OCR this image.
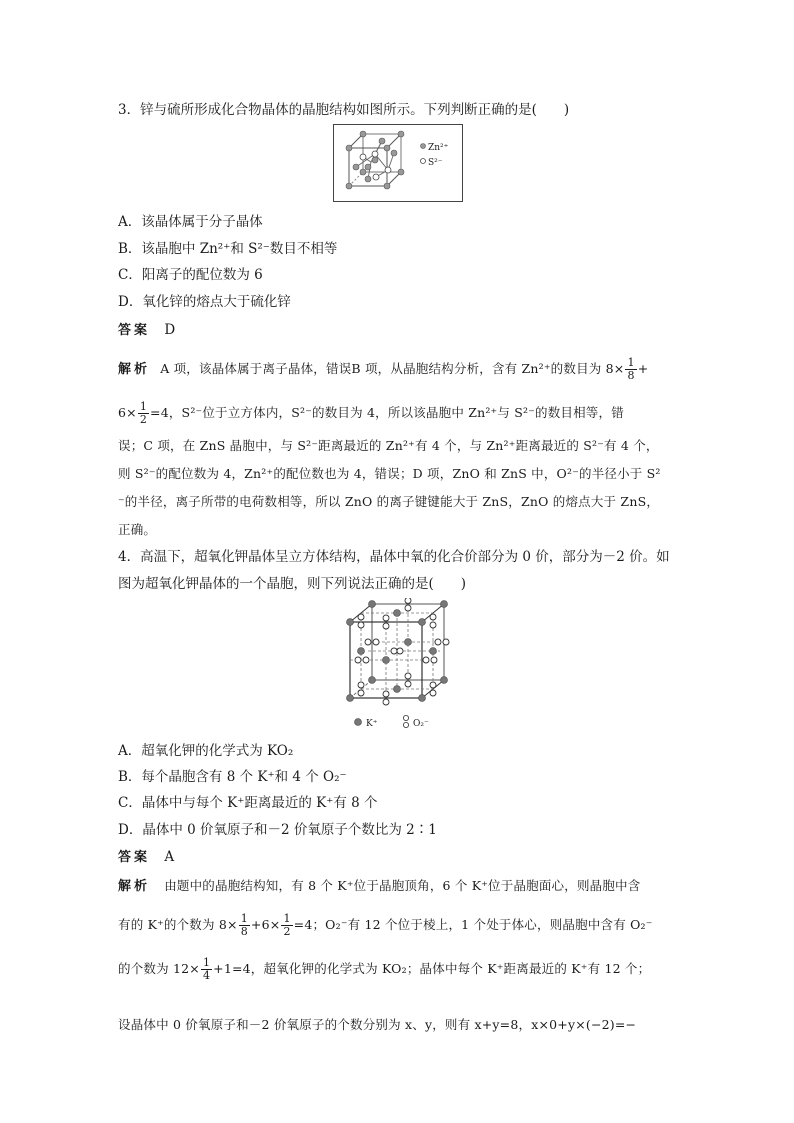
3．锌与硫所形成化合物晶体的晶胞结构如图所示。下列判断正确的是(　　)
Zn²⁺
S²⁻
A．该晶体属于分子晶体
B．该晶胞中 Zn²⁺和 S²⁻数目不相等
C．阳离子的配位数为 6
D．氧化锌的熔点大于硫化锌
答案 D
解析 A 项，该晶体属于离子晶体，错误B 项，从晶胞结构分析，含有 Zn²⁺的数目为 $8\times \frac{1}{8}$ +
$6\times \frac{1}{2} =4$，S²⁻位于立方体内，S²⁻的数目为 4，所以该晶胞中 Zn²⁺与 S²⁻的数目相等，错
误；C 项，在 ZnS 晶胞中，与 S²⁻距离最近的 Zn²⁺有 4 个，与 Zn²⁺距离最近的 S²⁻有 4 个，
则 S²⁻的配位数为 4，Zn²⁺的配位数也为 4，错误；D 项，ZnO 和 ZnS 中，O²⁻的半径小于 S²
⁻的半径，离子所带的电荷数相等，所以 ZnO 的离子键键能大于 ZnS，ZnO 的熔点大于 ZnS，
正确。
4．高温下，超氧化钾晶体呈立方体结构，晶体中氧的化合价部分为 0 价，部分为－2 价。如
图为超氧化钾晶体的一个晶胞，则下列说法正确的是(　　)
K⁺	O₂⁻
A．超氧化钾的化学式为 KO₂
B．每个晶胞含有 8 个 K⁺和 4 个 O₂⁻
C．晶体中与每个 K⁺距离最近的 K⁺有 8 个
D．晶体中 0 价氧原子和－2 价氧原子个数比为 2∶1
答案 A
解析 由题中的晶胞结构知，有 8 个 K⁺位于晶胞顶角，6 个 K⁺位于晶胞面心，则晶胞中含
有的 K⁺的个数为 $8\times \frac{1}{8} +6\times \frac{1}{2} =4$；O₂⁻有 12 个位于棱上，1 个处于体心，则晶胞中含有 O₂⁻
的个数为 $12\times \frac{1}{4} +1=4$，超氧化钾的化学式为 KO₂；晶体中每个 K⁺距离最近的 K⁺有 12 个；
设晶体中 0 价氧原子和－2 价氧原子的个数分别为 x、y，则有 x+y=8，x×0+y×(−2)=−
